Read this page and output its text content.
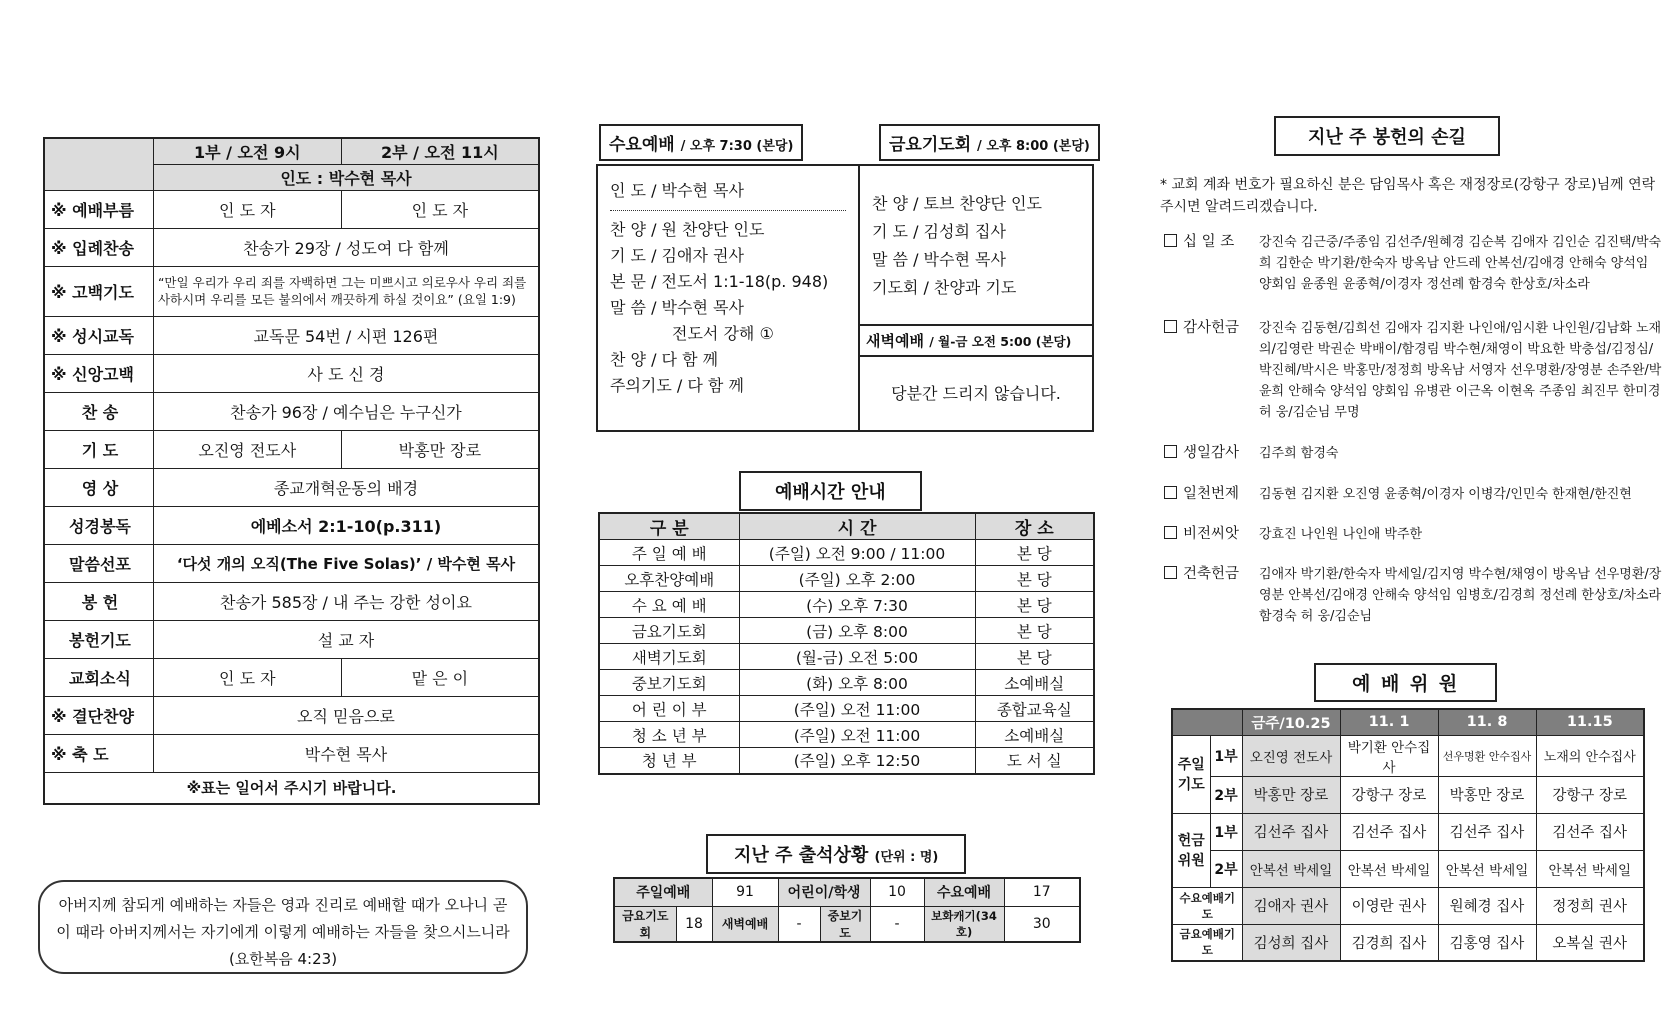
	1부 / 오전 9시	2부 / 오전 11시
	인도 : 박수현 목사	
※ 예배부름	인 도 자	인 도 자
※ 입례찬송	찬송가 29장 / 성도여 다 함께	
※ 고백기도	“만일 우리가 우리 죄를 자백하면 그는 미쁘시고 의로우사 우리 죄를 사하시며 우리를 모든 불의에서 깨끗하게 하실 것이요” (요일 1:9)	
※ 성시교독	교독문 54번 / 시편 126편	
※ 신앙고백	사 도 신 경	
찬 송	찬송가 96장 / 예수님은 누구신가	
기 도	오진영 전도사	박홍만 장로
영 상	종교개혁운동의 배경	
성경봉독	에베소서 2:1-10(p.311)	
말씀선포	‘다섯 개의 오직(The Five Solas)’ / 박수현 목사	
봉 헌	찬송가 585장 / 내 주는 강한 성이요	
봉헌기도	설 교 자	
교회소식	인 도 자	맡 은 이
※ 결단찬양	오직 믿음으로	
※ 축 도	박수현 목사	
※표는 일어서 주시기 바랍니다.		
아버지께 참되게 예배하는 자들은 영과 진리로 예배할 때가 오나니 곧 이 때라 아버지께서는 자기에게 이렇게 예배하는 자들을 찾으시느니라 (요한복음 4:23)
수요예배 / 오후 7:30 (본당)	금요기도회 / 오후 8:00 (본당)
인 도 / 박수현 목사
찬 양 / 원 찬양단 인도
기 도 / 김애자 권사
본 문 / 전도서 1:1-18(p. 948)
말 씀 / 박수현 목사
전도서 강해 ①
찬 양 / 다 함 께
주의기도 / 다 함 께
찬 양 / 토브 찬양단 인도
기 도 / 김성희 집사
말 씀 / 박수현 목사
기도회 / 찬양과 기도
새벽예배 / 월-금 오전 5:00 (본당)
당분간 드리지 않습니다.
예배시간 안내
구 분	시 간	장 소
주 일 예 배	(주일) 오전 9:00 / 11:00	본 당
오후찬양예배	(주일) 오후 2:00	본 당
수 요 예 배	(수) 오후 7:30	본 당
금요기도회	(금) 오후 8:00	본 당
새벽기도회	(월-금) 오전 5:00	본 당
중보기도회	(화) 오후 8:00	소예배실
어 린 이 부	(주일) 오전 11:00	종합교육실
청 소 년 부	(주일) 오전 11:00	소예배실
청 년 부	(주일) 오후 12:50	도 서 실
지난 주 출석상황 (단위 : 명)
주일예배		91	어린이/학생		10	수요예배	17
금요기도회	18	새벽예배	-	중보기도	-	보화캐기(34호)	30
지난 주 봉헌의 손길
* 교회 계좌 번호가 필요하신 분은 담임목사 혹은 재정장로(강항구 장로)님께 연락주시면 알려드리겠습니다.
십 일 조	강진숙 김근중/주종임 김선주/원혜경 김순복 김애자 김인순 김진택/박숙희 김한순 박기환/한숙자 방옥남 안드레 안복선/김애경 안해숙 양석임 양회임 윤종원 윤종혁/이경자 정선례 함경숙 한상호/차소라
감사헌금	강진숙 김동현/김희선 김애자 김지환 나인애/임시환 나인원/김남화 노재의/김영란 박권순 박배이/함경림 박수현/채영이 박요한 박충섭/김정심/박진혜/박시은 박홍만/정정희 방옥남 서영자 선우명환/장영분 손주완/박윤희 안해숙 양석임 양회임 유병관 이근옥 이현옥 주종임 최진무 한미경 허 웅/김순님 무명
생일감사	김주희 함경숙
일천번제	김동현 김지환 오진영 윤종혁/이경자 이병각/인민숙 한재현/한진현
비전씨앗	강효진 나인원 나인애 박주한
건축헌금	김애자 박기환/한숙자 박세일/김지영 박수현/채영이 방옥남 선우명환/장영분 안복선/김애경 안해숙 양석임 임병호/김경희 정선례 한상호/차소라 함경숙 허 웅/김순님
예 배 위 원
		금주/10.25	11. 1	11. 8	11.15
주일 기도	1부	오진영 전도사	박기환 안수집사	선우명환 안수집사	노재의 안수집사
	2부	박홍만 장로	강항구 장로	박홍만 장로	강항구 장로
헌금 위원	1부	김선주 집사	김선주 집사	김선주 집사	김선주 집사
	2부	안복선 박세일	안복선 박세일	안복선 박세일	안복선 박세일
수요예배기도		김애자 권사	이영란 권사	원혜경 집사	정정희 권사
금요예배기도		김성희 집사	김경희 집사	김홍영 집사	오복실 권사
